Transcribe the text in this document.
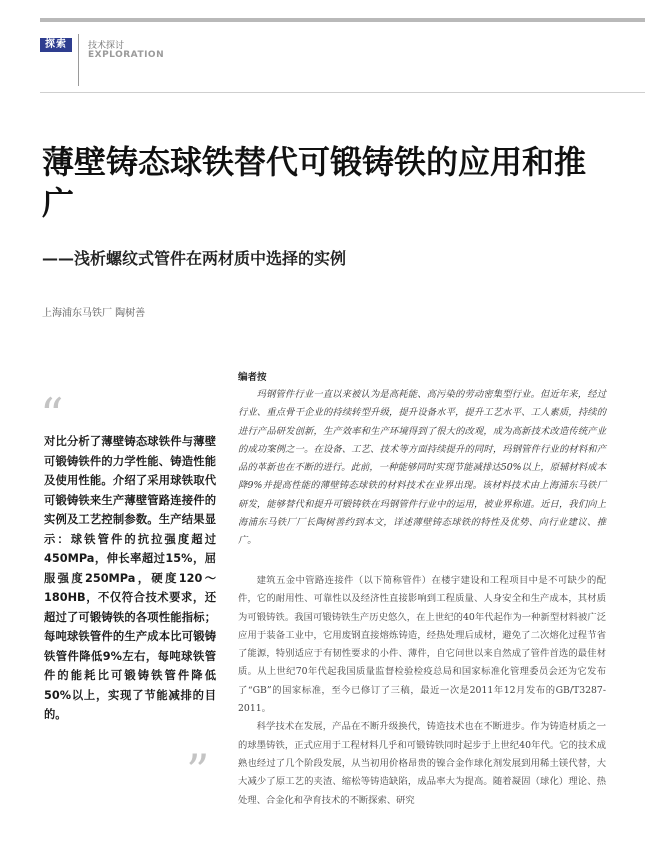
探索	技术探讨
EXPLORATION
薄壁铸态球铁替代可锻铸铁的应用和推广
——浅析螺纹式管件在两材质中选择的实例
上海浦东马铁厂 陶树善
“

对比分析了薄壁铸态球铁件与薄壁可锻铸铁件的力学性能、铸造性能及使用性能。介绍了采用球铁取代可锻铸铁来生产薄壁管路连接件的实例及工艺控制参数。生产结果显示：球铁管件的抗拉强度超过450MPa，伸长率超过15%，屈服强度250MPa，硬度120～180HB，不仅符合技术要求，还超过了可锻铸铁的各项性能指标；每吨球铁管件的生产成本比可锻铸铁管件降低9%左右，每吨球铁管件的能耗比可锻铸铁管件降低50%以上，实现了节能减排的目的。

”
编者按

玛钢管件行业一直以来被认为是高耗能、高污染的劳动密集型行业。但近年来，经过行业、重点骨干企业的持续转型升级，提升设备水平，提升工艺水平、工人素质，持续的进行产品研发创新，生产效率和生产环境得到了很大的改观，成为高新技术改造传统产业的成功案例之一。在设备、工艺、技术等方面持续提升的同时，玛钢管件行业的材料和产品的革新也在不断的进行。此前，一种能够同时实现节能减排达50%以上，原辅材料成本降9%并提高性能的薄壁铸态球铁的材料技术在业界出现。该材料技术由上海浦东马铁厂研发，能够替代和提升可锻铸铁在玛钢管件行业中的运用，被业界称道。近日，我们向上海浦东马铁厂厂长陶树善约到本文，详述薄壁铸态球铁的特性及优势、向行业建议、推广。

建筑五金中管路连接件（以下简称管件）在楼宇建设和工程项目中是不可缺少的配件，它的耐用性、可靠性以及经济性直接影响到工程质量、人身安全和生产成本，其材质为可锻铸铁。我国可锻铸铁生产历史悠久，在上世纪的40年代起作为一种新型材料被广泛应用于装备工业中，它用废钢直接熔炼铸造，经热处理后成材，避免了二次熔化过程节省了能源，特别适应于有韧性要求的小件、薄件，自它问世以来自然成了管件首选的最佳材质。从上世纪70年代起我国质量监督检验检疫总局和国家标准化管理委员会还为它发布了“GB”的国家标准，至今已修订了三稿，最近一次是2011年12月发布的GB/T3287-2011。

科学技术在发展，产品在不断升级换代，铸造技术也在不断进步。作为铸造材质之一的球墨铸铁，正式应用于工程材料几乎和可锻铸铁同时起步于上世纪40年代。它的技术成熟也经过了几个阶段发展，从当初用价格昂贵的镍合金作球化剂发展到用稀土镁代替，大大减少了原工艺的夹渣、缩松等铸造缺陷，成品率大为提高。随着凝固（球化）理论、热处理、合金化和孕育技术的不断探索、研究
